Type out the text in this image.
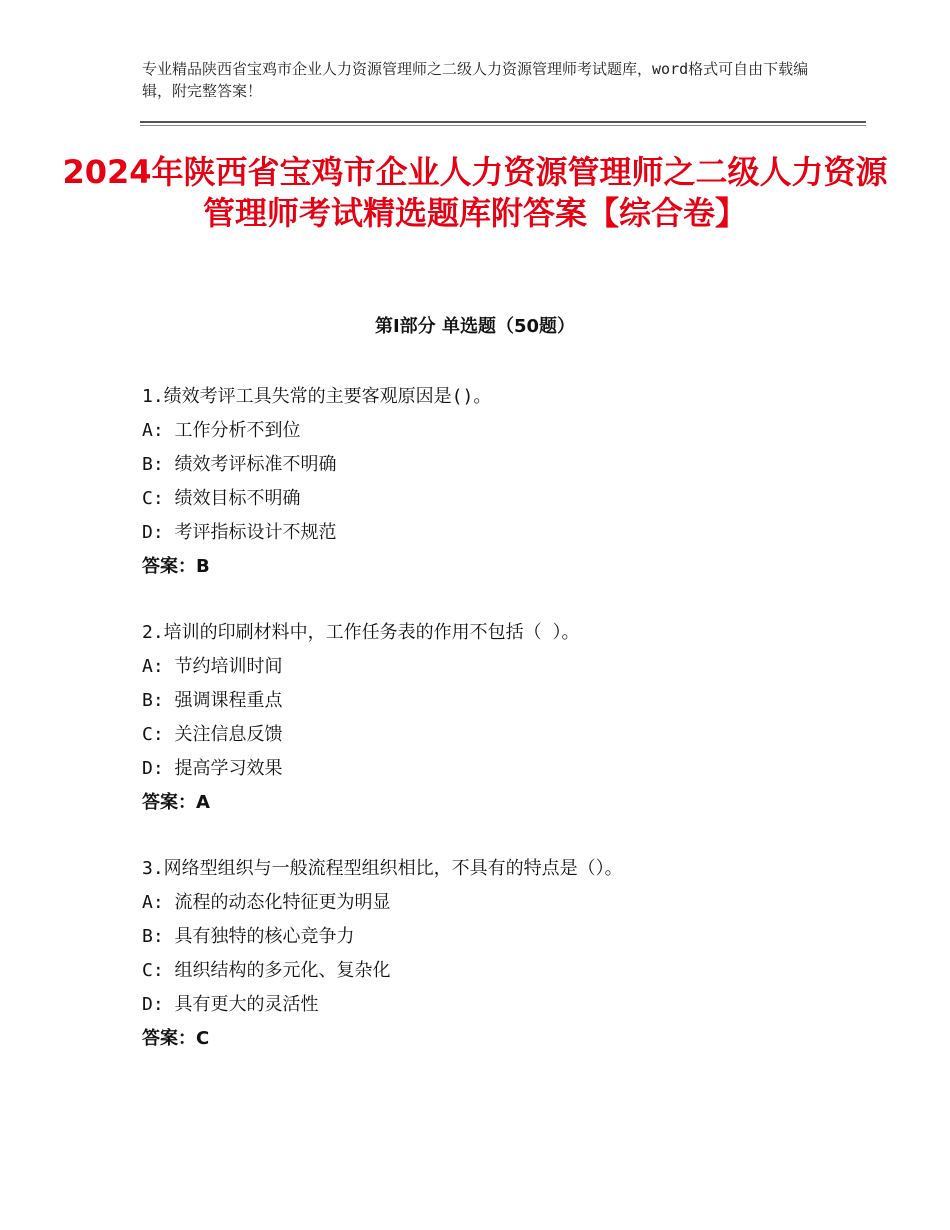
专业精品陕西省宝鸡市企业人力资源管理师之二级人力资源管理师考试题库，word格式可自由下载编辑，附完整答案！
2024年陕西省宝鸡市企业人力资源管理师之二级人力资源管理师考试精选题库附答案【综合卷】
第Ⅰ部分 单选题（50题）
1.绩效考评工具失常的主要客观原因是()。
A: 工作分析不到位
B: 绩效考评标准不明确
C: 绩效目标不明确
D: 考评指标设计不规范
答案：B
2.培训的印刷材料中，工作任务表的作用不包括（ ）。
A: 节约培训时间
B: 强调课程重点
C: 关注信息反馈
D: 提高学习效果
答案：A
3.网络型组织与一般流程型组织相比，不具有的特点是（）。
A: 流程的动态化特征更为明显
B: 具有独特的核心竞争力
C: 组织结构的多元化、复杂化
D: 具有更大的灵活性
答案：C
